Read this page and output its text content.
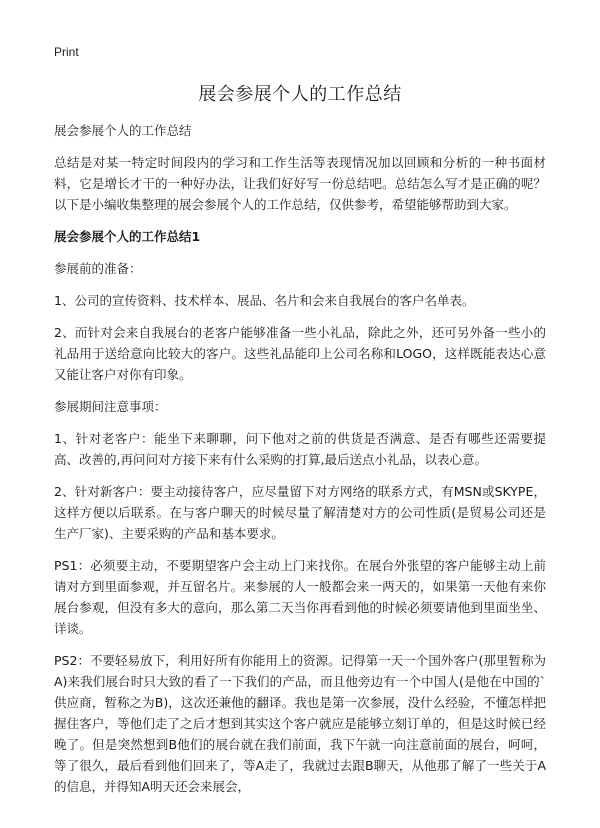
Print
展会参展个人的工作总结

展会参展个人的工作总结

总结是对某一特定时间段内的学习和工作生活等表现情况加以回顾和分析的一种书面材料，它是增长才干的一种好办法，让我们好好写一份总结吧。总结怎么写才是正确的呢？以下是小编收集整理的展会参展个人的工作总结，仅供参考，希望能够帮助到大家。

展会参展个人的工作总结1

参展前的准备：

1、公司的宣传资料、技术样本、展品、名片和会来自我展台的客户名单表。

2、而针对会来自我展台的老客户能够准备一些小礼品，除此之外，还可另外备一些小的礼品用于送给意向比较大的客户。这些礼品能印上公司名称和LOGO，这样既能表达心意又能让客户对你有印象。

参展期间注意事项：

1、针对老客户：能坐下来聊聊，问下他对之前的供货是否满意、是否有哪些还需要提高、改善的,再问问对方接下来有什么采购的打算,最后送点小礼品，以表心意。

2、针对新客户：要主动接待客户，应尽量留下对方网络的联系方式，有MSN或SKYPE，这样方便以后联系。在与客户聊天的时候尽量了解清楚对方的公司性质(是贸易公司还是生产厂家)、主要采购的产品和基本要求。

PS1：必须要主动，不要期望客户会主动上门来找你。在展台外张望的客户能够主动上前请对方到里面参观，并互留名片。来参展的人一般都会来一两天的，如果第一天他有来你展台参观，但没有多大的意向，那么第二天当你再看到他的时候必须要请他到里面坐坐、详谈。

PS2：不要轻易放下，利用好所有你能用上的资源。记得第一天一个国外客户(那里暂称为A)来我们展台时只大致的看了一下我们的产品，而且他旁边有一个中国人(是他在中国的`供应商，暂称之为B)，这次还兼他的翻译。我也是第一次参展，没什么经验，不懂怎样把握住客户，等他们走了之后才想到其实这个客户就应是能够立刻订单的，但是这时候已经晚了。但是突然想到B他们的展台就在我们前面，我下午就一向注意前面的展台，呵呵，等了很久，最后看到他们回来了，等A走了，我就过去跟B聊天，从他那了解了一些关于A的信息，并得知A明天还会来展会，
